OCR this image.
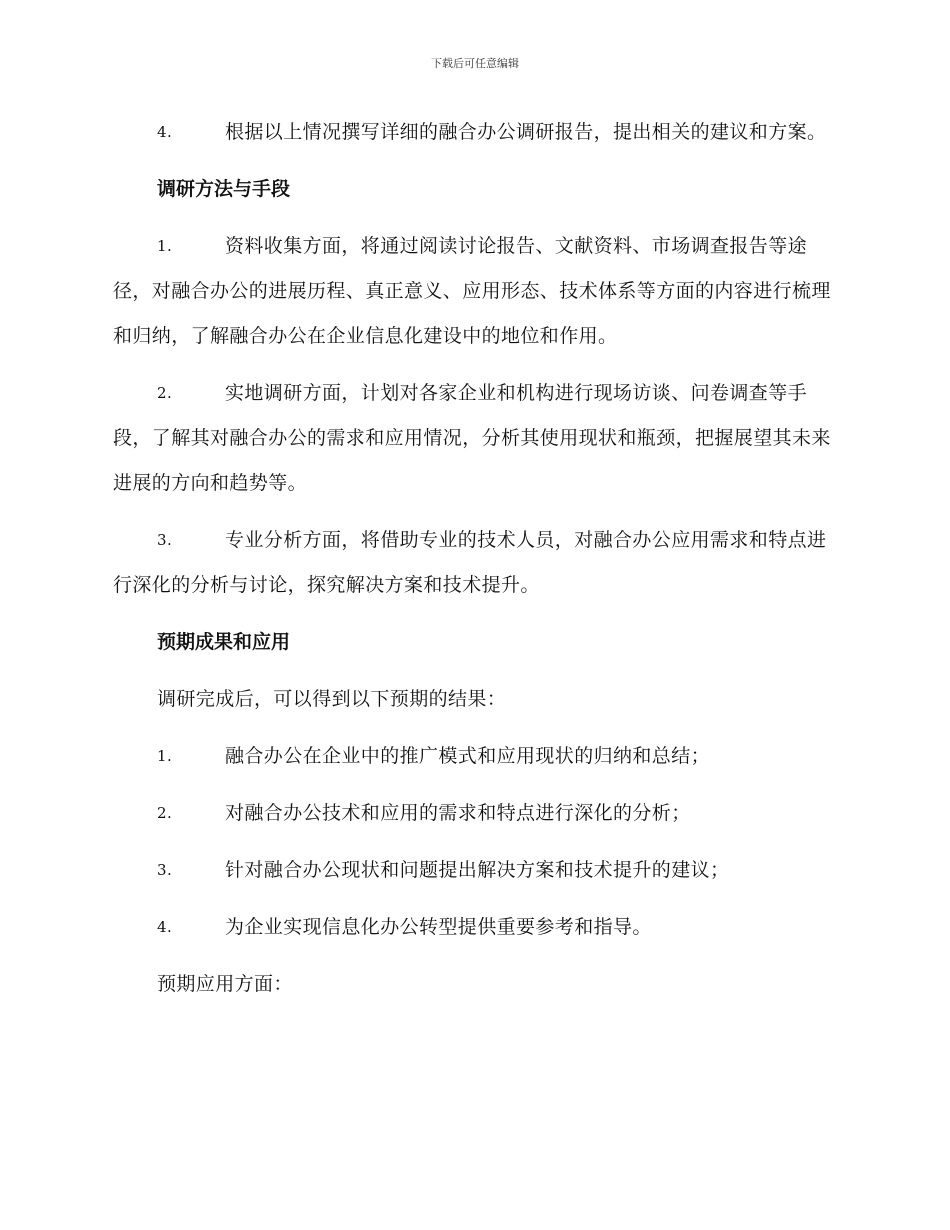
下载后可任意编辑

4.	根据以上情况撰写详细的融合办公调研报告，提出相关的建议和方案。

调研方法与手段

1.	资料收集方面，将通过阅读讨论报告、文献资料、市场调查报告等途径，对融合办公的进展历程、真正意义、应用形态、技术体系等方面的内容进行梳理和归纳，了解融合办公在企业信息化建设中的地位和作用。

2.	实地调研方面，计划对各家企业和机构进行现场访谈、问卷调查等手段，了解其对融合办公的需求和应用情况，分析其使用现状和瓶颈，把握展望其未来进展的方向和趋势等。

3.	专业分析方面，将借助专业的技术人员，对融合办公应用需求和特点进行深化的分析与讨论，探究解决方案和技术提升。

预期成果和应用
调研完成后，可以得到以下预期的结果：
1.	融合办公在企业中的推广模式和应用现状的归纳和总结；
2.	对融合办公技术和应用的需求和特点进行深化的分析；
3.	针对融合办公现状和问题提出解决方案和技术提升的建议；
4.	为企业实现信息化办公转型提供重要参考和指导。
预期应用方面：
